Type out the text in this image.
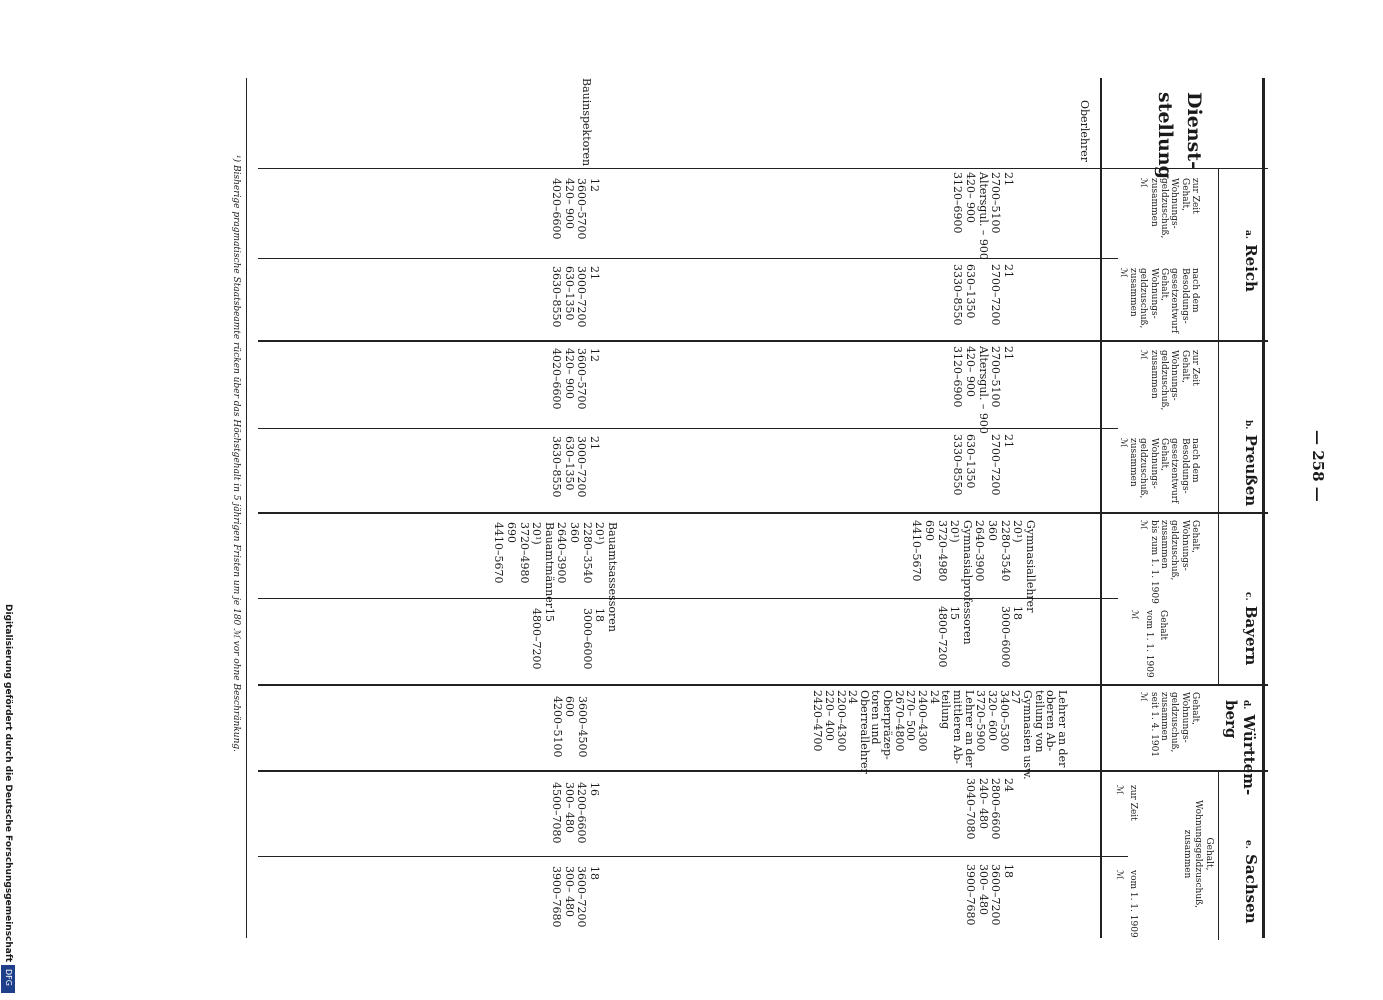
— 258 —
Dienst-
stellung
a. Reich
b. Preußen
c. Bayern
d. Württem-
berg
e. Sachsen
Gehalt,
Wohnungsgeldzuschuß,
zusammen
zur Zeit
Gehalt,
Wohnungs-
geldzuschuß,
zusammen
ℳ
nach dem
Besoldungs-
gesetzentwurf
Gehalt,
Wohnungs-
geldzuschuß,
zusammen
ℳ
zur Zeit
Gehalt,
Wohnungs-
geldzuschuß,
zusammen
ℳ
nach dem
Besoldungs-
gesetzentwurf
Gehalt,
Wohnungs-
geldzuschuß,
zusammen
ℳ
Gehalt,
Wohnungs-
geldzuschuß,
zusammen
bis zum 1. 1. 1909
ℳ
Gehalt
vom 1. 1. 1909
ℳ
Gehalt,
Wohnungs-
geldzuschuß,
zusammen
seit 1. 4. 1901
ℳ
zur Zeit
ℳ
vom 1. 1. 1909
ℳ
Oberlehrer
Bauinspektoren
21
2700–5100
Altersgul. – 900
420– 900
3120–6900
21
2700–7200

630–1350
3330–8550
21
2700–5100
Altersgul. – 900
420– 900
3120–6900
21
2700–7200

630–1350
3330–8550
Gymnasiallehrer
20¹)
2280–3540
360
2640–3900
Gymnasialprofessoren
20¹)
3720–4980
690
4410–5670

18
3000–6000

15
4800–7200
Lehrer an der
oberen Ab-
teilung von
Gymnasien usw.
27
3400–5300
320– 600
3720–5900
Lehrer an der
mittleren Ab-
teilung
24
2400–4300
270– 500
2670–4800
Oberpräzep-
toren und
Oberreallehrer
24
2200–4300
220– 400
2420–4700
24
2800–6600
240– 480
3040–7080
18
3600–7200
300– 480
3900–7680
12
3600–5700
420– 900
4020–6600
21
3000–7200
630–1350
3630–8550
12
3600–5700
420– 900
4020–6600
21
3000–7200
630–1350
3630–8550
Bauamtsassessoren
20¹)
2280–3540
360
2640–3900
Bauamtmänner
20¹)
3720–4980
690
4410–5670

18
3000–6000

15
4800–7200
3600–4500
600
4200–5100
16
4200–6600
300– 480
4500–7080
18
3600–7200
300– 480
3900–7680
¹) Bisherige pragmatische Staatsbeamte rücken über das Höchstgehalt in 5 jährigen Fristen um je 180 ℳ vor ohne Beschränkung.
Digitalisierung gefördert durch die Deutsche Forschungsgemeinschaft
DFG
